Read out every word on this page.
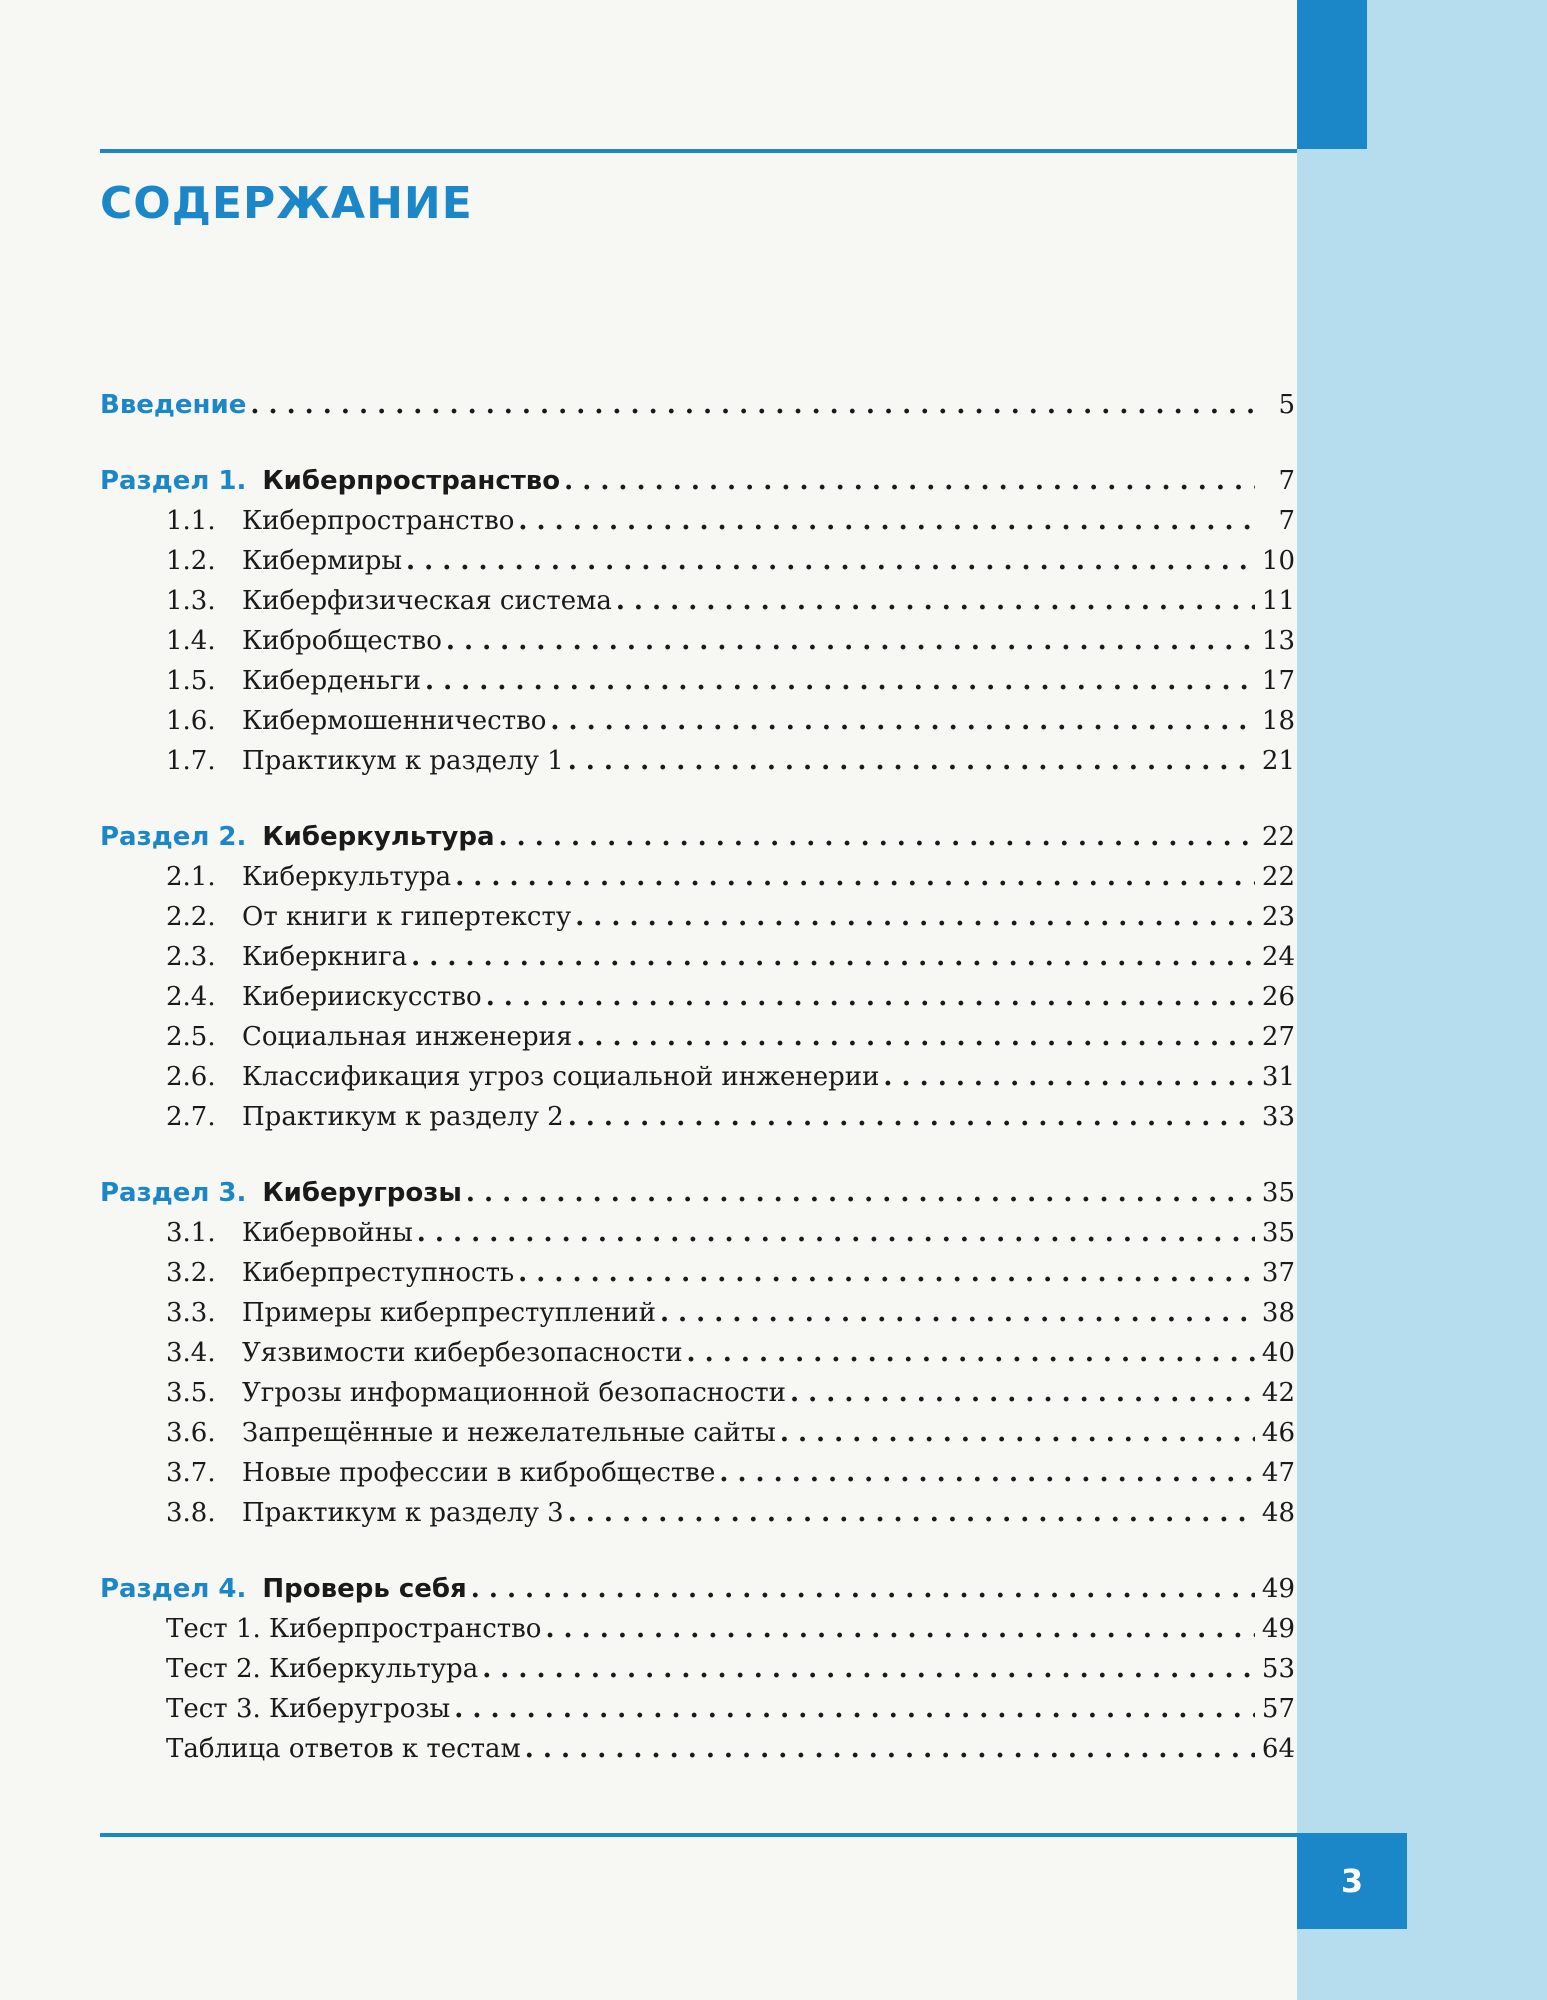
СОДЕРЖАНИЕ
Введение . . .	5
Раздел 1. Киберпространство . . .	7
1.1.	Киберпространство . . .	7
1.2.	Кибермиры . . .	10
1.3.	Киберфизическая система . . .	11
1.4.	Кибробщество . . .	13
1.5.	Киберденьги . . .	17
1.6.	Кибермошенничество . . .	18
1.7.	Практикум к разделу 1 . . .	21
Раздел 2. Киберкультура . . .	22
2.1.	Киберкультура . . .	22
2.2.	От книги к гипертексту . . .	23
2.3.	Киберкнига . . .	24
2.4.	Кибериискусство . . .	26
2.5.	Социальная инженерия . . .	27
2.6.	Классификация угроз социальной инженерии . . .	31
2.7.	Практикум к разделу 2 . . .	33
Раздел 3. Киберугрозы . . .	35
3.1.	Кибервойны . . .	35
3.2.	Киберпреступность . . .	37
3.3.	Примеры киберпреступлений . . .	38
3.4.	Уязвимости кибербезопасности . . .	40
3.5.	Угрозы информационной безопасности . . .	42
3.6.	Запрещённые и нежелательные сайты . . .	46
3.7.	Новые профессии в кибробществе . . .	47
3.8.	Практикум к разделу 3 . . .	48
Раздел 4. Проверь себя . . .	49
Тест 1. Киберпространство . . .	49
Тест 2. Киберкультура . . .	53
Тест 3. Киберугрозы . . .	57
Таблица ответов к тестам . . .	64
3
